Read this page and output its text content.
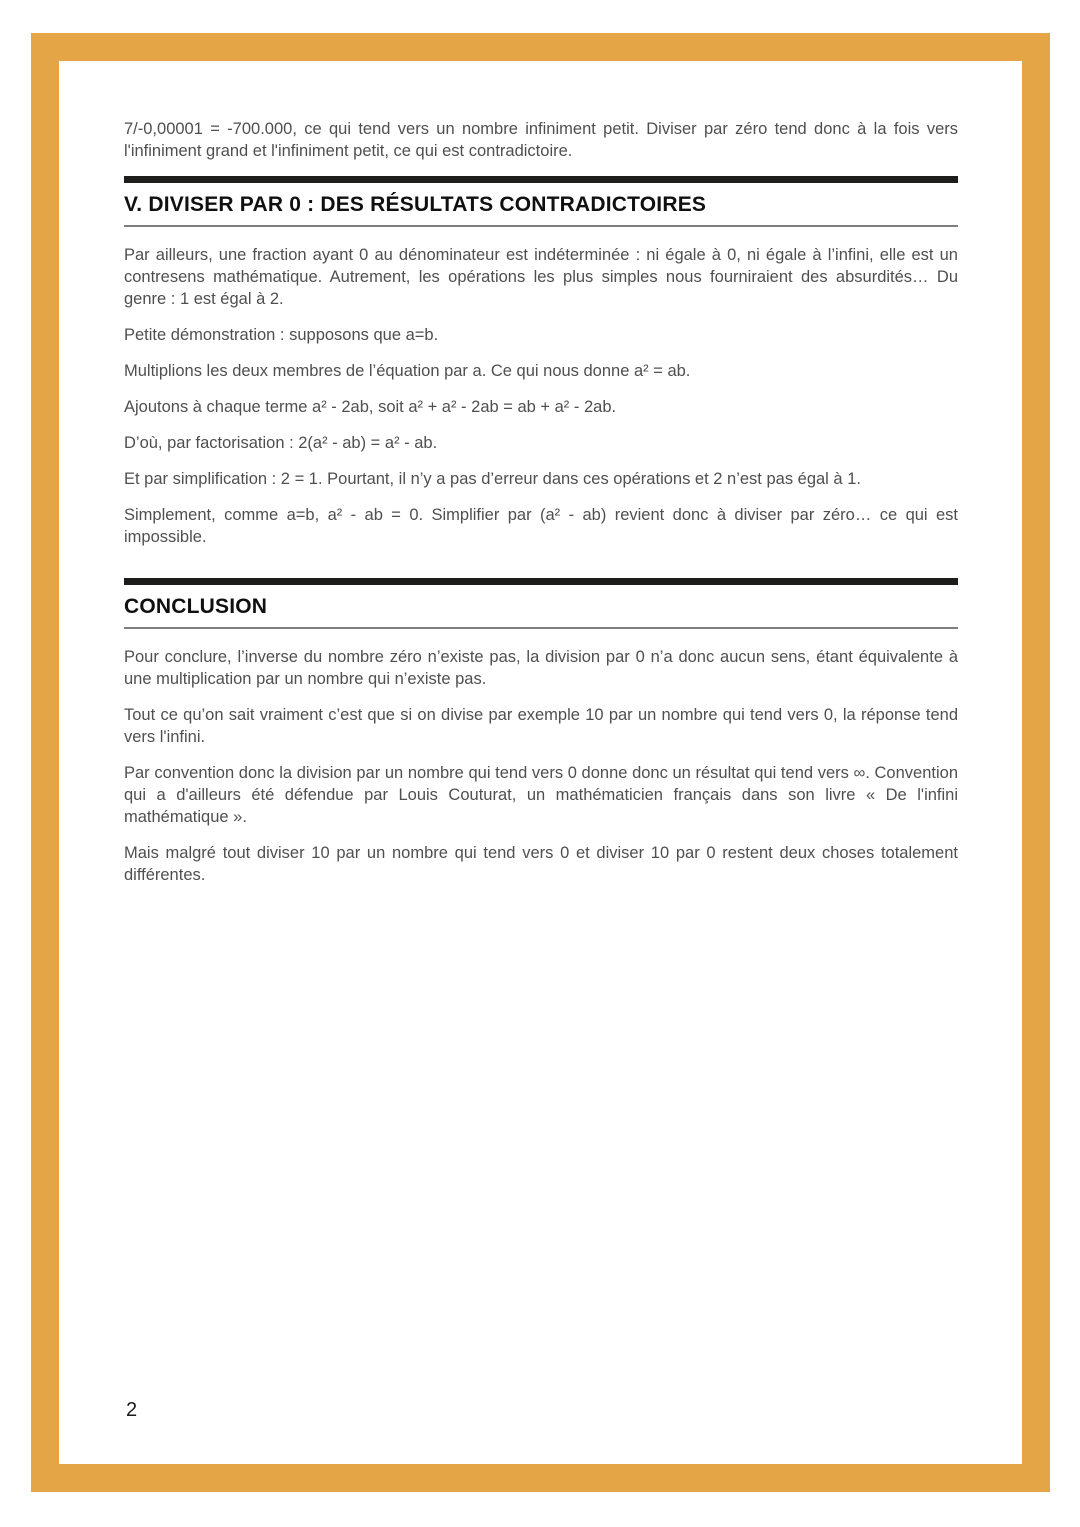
7/-0,00001 = -700.000, ce qui tend vers un nombre infiniment petit. Diviser par zéro tend donc à la fois vers l'infiniment grand et l'infiniment petit, ce qui est contradictoire.

V. DIVISER PAR 0 : DES RÉSULTATS CONTRADICTOIRES

Par ailleurs, une fraction ayant 0 au dénominateur est indéterminée : ni égale à 0, ni égale à l’infini, elle est un contresens mathématique. Autrement, les opérations les plus simples nous fourniraient des absurdités… Du genre : 1 est égal à 2.

Petite démonstration : supposons que a=b.

Multiplions les deux membres de l’équation par a. Ce qui nous donne a² = ab.

Ajoutons à chaque terme a² - 2ab, soit a² + a² - 2ab = ab + a² - 2ab.

D’où, par factorisation : 2(a² - ab) = a² - ab.

Et par simplification : 2 = 1. Pourtant, il n’y a pas d’erreur dans ces opérations et 2 n’est pas égal à 1.

Simplement, comme a=b, a² - ab = 0. Simplifier par (a² - ab) revient donc à diviser par zéro… ce qui est impossible.

CONCLUSION

Pour conclure, l’inverse du nombre zéro n’existe pas, la division par 0 n’a donc aucun sens, étant équivalente à une multiplication par un nombre qui n’existe pas.

Tout ce qu’on sait vraiment c’est que si on divise par exemple 10 par un nombre qui tend vers 0, la réponse tend vers l'infini.

Par convention donc la division par un nombre qui tend vers 0 donne donc un résultat qui tend vers ∞. Convention qui a d'ailleurs été défendue par Louis Couturat, un mathématicien français dans son livre « De l'infini mathématique ».

Mais malgré tout diviser 10 par un nombre qui tend vers 0 et diviser 10 par 0 restent deux choses totalement différentes.

2
